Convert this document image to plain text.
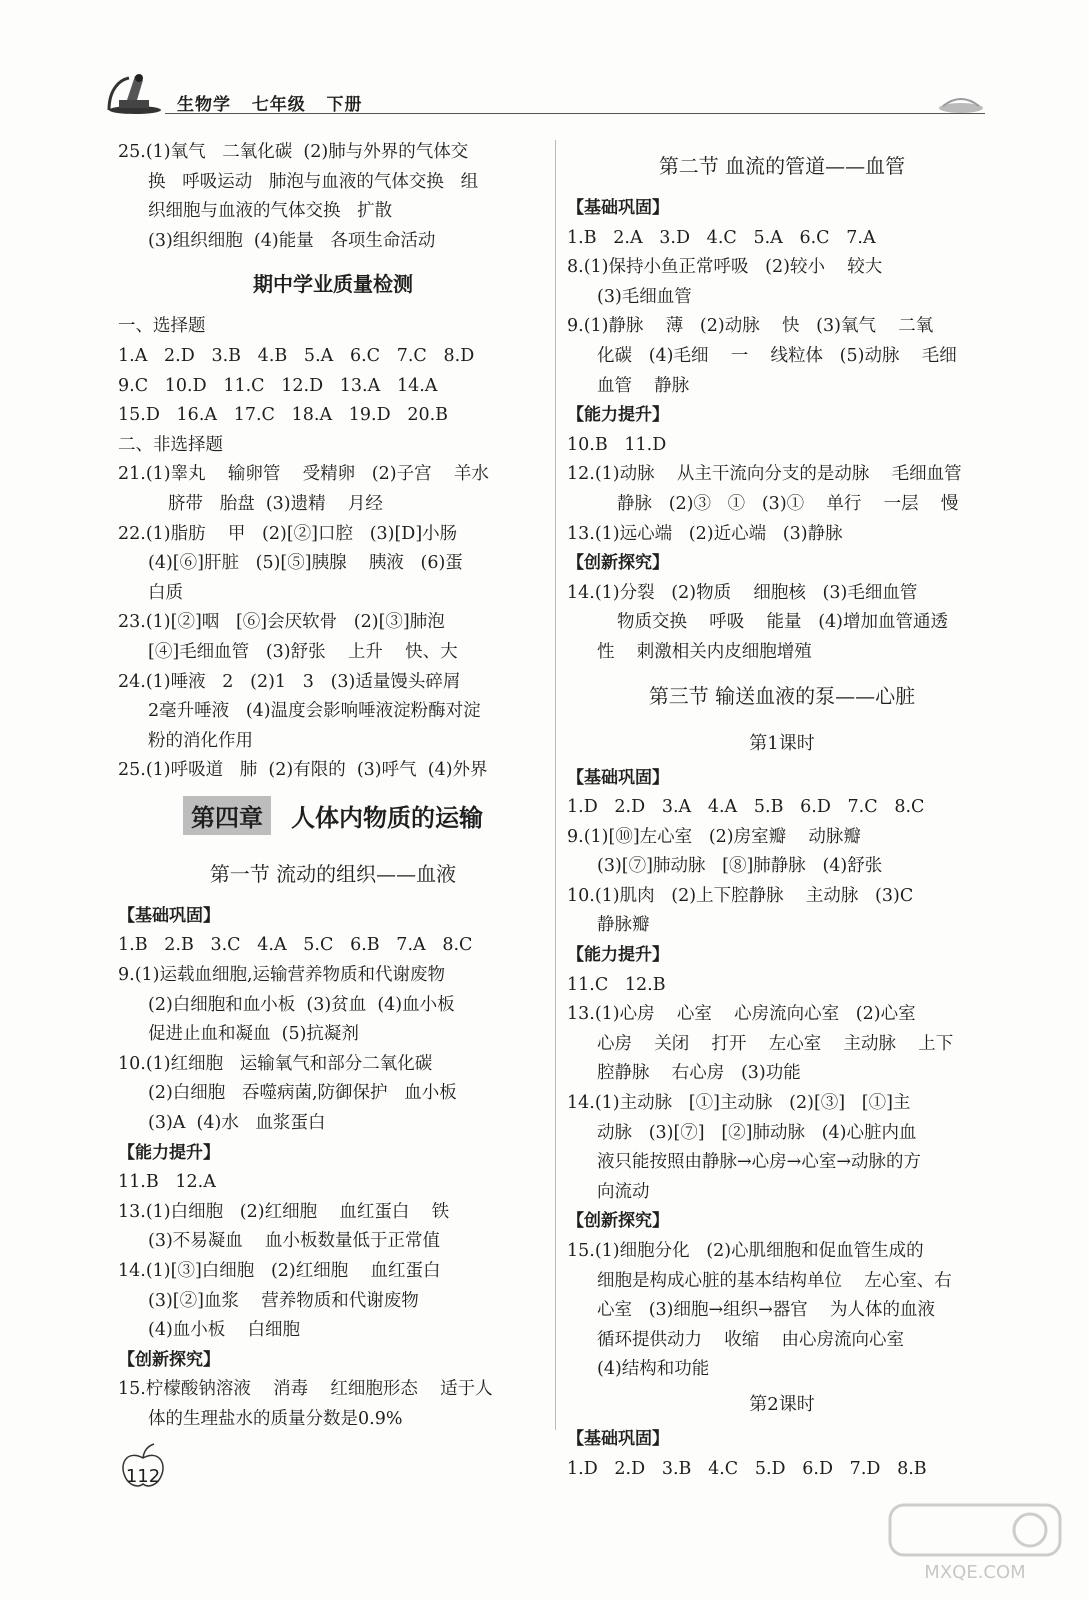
生物学   七年级   下册
25.(1)氧气   二氧化碳  (2)肺与外界的气体交
换   呼吸运动   肺泡与血液的气体交换   组
织细胞与血液的气体交换   扩散
(3)组织细胞  (4)能量   各项生命活动
期中学业质量检测
一、选择题
1.A   2.D   3.B   4.B   5.A   6.C   7.C   8.D
9.C   10.D   11.C   12.D   13.A   14.A
15.D   16.A   17.C   18.A   19.D   20.B
二、非选择题
21.(1)睾丸    输卵管    受精卵   (2)子宫    羊水
脐带   胎盘  (3)遗精    月经
22.(1)脂肪    甲   (2)[②]口腔   (3)[D]小肠
(4)[⑥]肝脏   (5)[⑤]胰腺    胰液   (6)蛋
白质
23.(1)[②]咽   [⑥]会厌软骨   (2)[③]肺泡
[④]毛细血管   (3)舒张    上升    快、大
24.(1)唾液   2   (2)1   3   (3)适量馒头碎屑
2毫升唾液   (4)温度会影响唾液淀粉酶对淀
粉的消化作用
25.(1)呼吸道   肺  (2)有限的  (3)呼气  (4)外界
第四章 人体内物质的运输
第一节 流动的组织——血液
【基础巩固】
1.B   2.B   3.C   4.A   5.C   6.B   7.A   8.C
9.(1)运载血细胞,运输营养物质和代谢废物
(2)白细胞和血小板  (3)贫血  (4)血小板
促进止血和凝血  (5)抗凝剂
10.(1)红细胞   运输氧气和部分二氧化碳
(2)白细胞   吞噬病菌,防御保护   血小板
(3)A  (4)水   血浆蛋白
【能力提升】
11.B   12.A
13.(1)白细胞   (2)红细胞    血红蛋白    铁
(3)不易凝血    血小板数量低于正常值
14.(1)[③]白细胞   (2)红细胞    血红蛋白
(3)[②]血浆    营养物质和代谢废物
(4)血小板    白细胞
【创新探究】
15.柠檬酸钠溶液    消毒    红细胞形态    适于人
体的生理盐水的质量分数是0.9%
第二节 血流的管道——血管
【基础巩固】
1.B   2.A   3.D   4.C   5.A   6.C   7.A
8.(1)保持小鱼正常呼吸   (2)较小    较大
(3)毛细血管
9.(1)静脉    薄   (2)动脉    快   (3)氧气    二氧
化碳   (4)毛细    一    线粒体   (5)动脉    毛细
血管    静脉
【能力提升】
10.B   11.D
12.(1)动脉    从主干流向分支的是动脉    毛细血管
静脉   (2)③   ①   (3)①    单行    一层    慢
13.(1)远心端   (2)近心端   (3)静脉
【创新探究】
14.(1)分裂   (2)物质    细胞核   (3)毛细血管
物质交换    呼吸    能量   (4)增加血管通透
性    刺激相关内皮细胞增殖
第三节 输送血液的泵——心脏
第1课时
【基础巩固】
1.D   2.D   3.A   4.A   5.B   6.D   7.C   8.C
9.(1)[⑩]左心室   (2)房室瓣    动脉瓣
(3)[⑦]肺动脉   [⑧]肺静脉   (4)舒张
10.(1)肌肉   (2)上下腔静脉    主动脉   (3)C
静脉瓣
【能力提升】
11.C   12.B
13.(1)心房    心室    心房流向心室   (2)心室
心房    关闭    打开    左心室    主动脉    上下
腔静脉    右心房   (3)功能
14.(1)主动脉   [①]主动脉   (2)[③]   [①]主
动脉   (3)[⑦]   [②]肺动脉   (4)心脏内血
液只能按照由静脉→心房→心室→动脉的方
向流动
【创新探究】
15.(1)细胞分化   (2)心肌细胞和促血管生成的
细胞是构成心脏的基本结构单位    左心室、右
心室   (3)细胞→组织→器官    为人体的血液
循环提供动力    收缩    由心房流向心室
(4)结构和功能
第2课时
【基础巩固】
1.D   2.D   3.B   4.C   5.D   6.D   7.D   8.B
112
MXQE.COM
